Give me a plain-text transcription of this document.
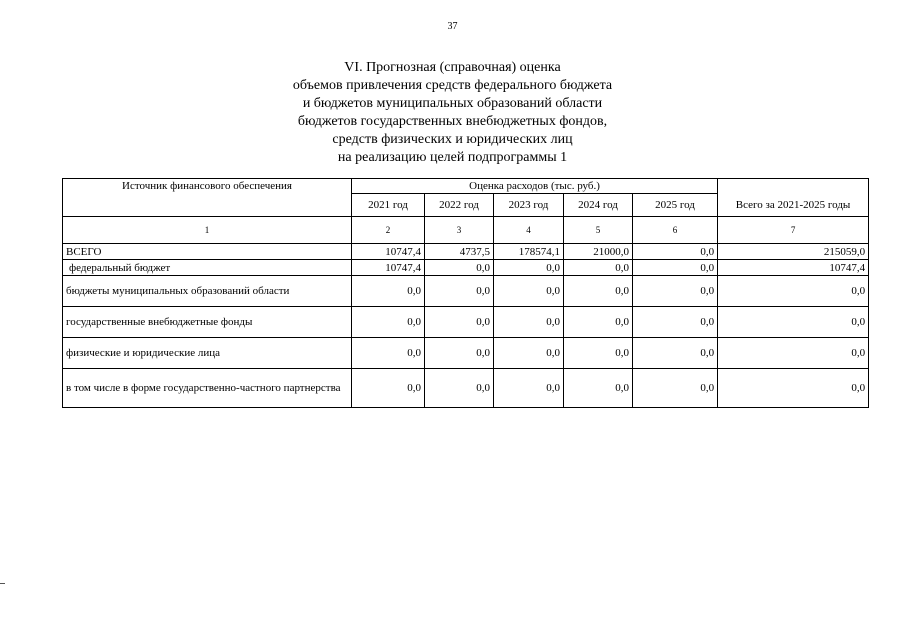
37
VI. Прогнозная (справочная) оценка
объемов привлечения средств федерального бюджета
и бюджетов муниципальных образований области
бюджетов государственных внебюджетных фондов,
средств физических и юридических лиц
на реализацию целей подпрограммы 1
Источник финансового обеспечения	Оценка расходов (тыс. руб.)					
	2021 год	2022 год	2023 год	2024 год	2025 год	Всего за 2021-2025 годы
1	2	3	4	5	6	7
ВСЕГО	10747,4	4737,5	178574,1	21000,0	0,0	215059,0
федеральный бюджет	10747,4	0,0	0,0	0,0	0,0	10747,4
бюджеты муниципальных образований области	0,0	0,0	0,0	0,0	0,0	0,0
государственные внебюджетные фонды	0,0	0,0	0,0	0,0	0,0	0,0
физические и юридические лица	0,0	0,0	0,0	0,0	0,0	0,0
в том числе в форме государственно-частного партнерства	0,0	0,0	0,0	0,0	0,0	0,0
